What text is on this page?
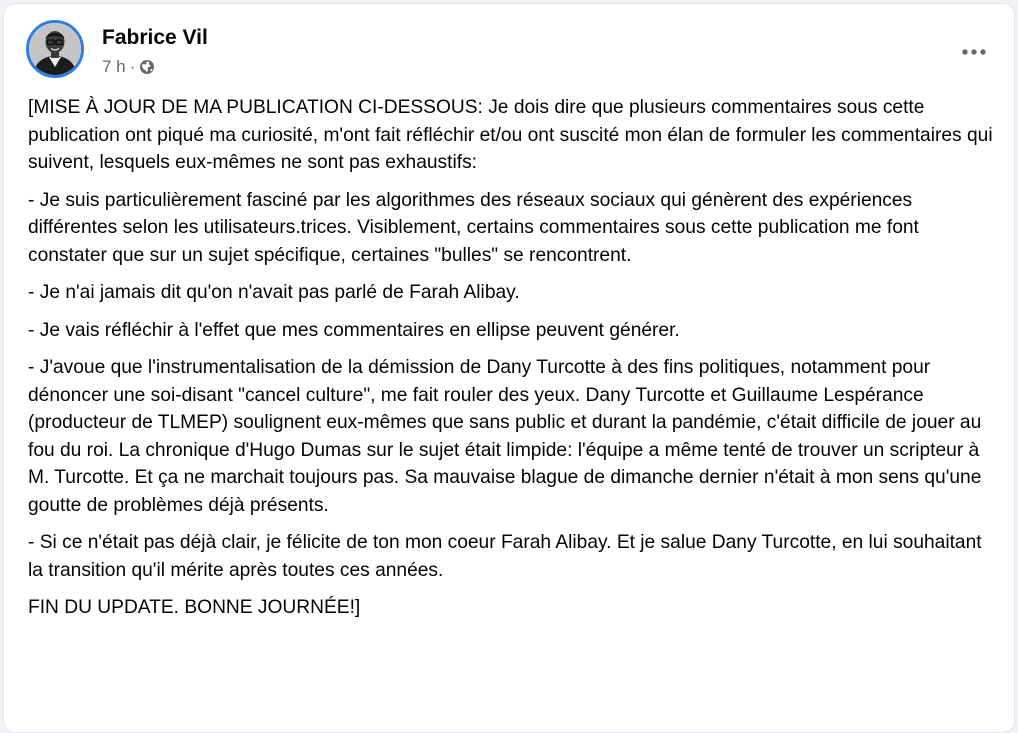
Fabrice Vil
7 h ·

[MISE À JOUR DE MA PUBLICATION CI-DESSOUS: Je dois dire que plusieurs commentaires sous cette publication ont piqué ma curiosité, m'ont fait réfléchir et/ou ont suscité mon élan de formuler les commentaires qui suivent, lesquels eux-mêmes ne sont pas exhaustifs:

- Je suis particulièrement fasciné par les algorithmes des réseaux sociaux qui génèrent des expériences différentes selon les utilisateurs.trices. Visiblement, certains commentaires sous cette publication me font constater que sur un sujet spécifique, certaines "bulles" se rencontrent.

- Je n'ai jamais dit qu'on n'avait pas parlé de Farah Alibay.

- Je vais réfléchir à l'effet que mes commentaires en ellipse peuvent générer.

- J'avoue que l'instrumentalisation de la démission de Dany Turcotte à des fins politiques, notamment pour dénoncer une soi-disant "cancel culture", me fait rouler des yeux. Dany Turcotte et Guillaume Lespérance (producteur de TLMEP) soulignent eux-mêmes que sans public et durant la pandémie, c'était difficile de jouer au fou du roi. La chronique d'Hugo Dumas sur le sujet était limpide: l'équipe a même tenté de trouver un scripteur à M. Turcotte. Et ça ne marchait toujours pas. Sa mauvaise blague de dimanche dernier n'était à mon sens qu'une goutte de problèmes déjà présents.

- Si ce n'était pas déjà clair, je félicite de ton mon coeur Farah Alibay. Et je salue Dany Turcotte, en lui souhaitant la transition qu'il mérite après toutes ces années.

FIN DU UPDATE. BONNE JOURNÉE!]
